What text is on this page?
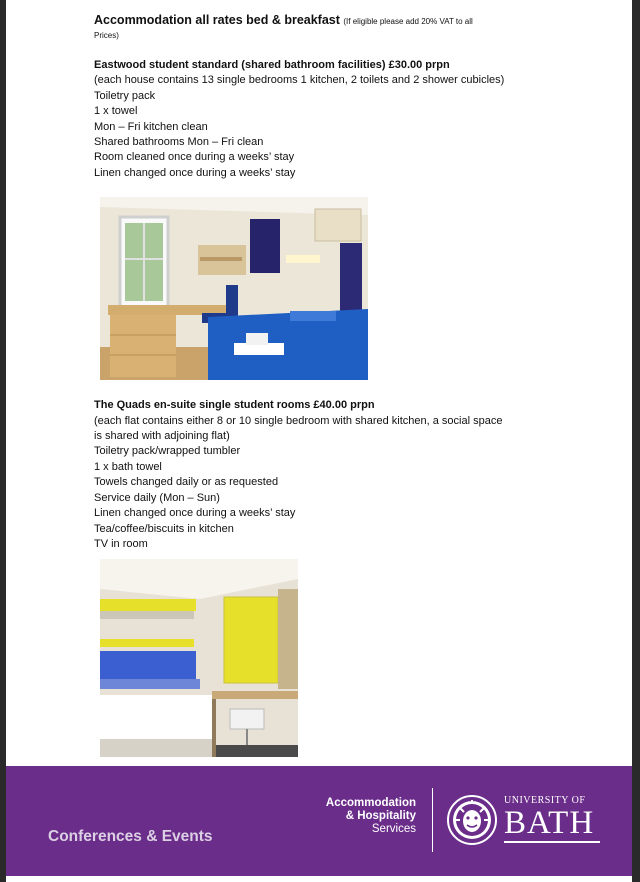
Accommodation all rates bed & breakfast (If eligible please add 20% VAT to all
Prices)
Eastwood student standard (shared bathroom facilities) £30.00 prpn
(each house contains 13 single bedrooms 1 kitchen, 2 toilets and 2 shower cubicles)
Toiletry pack
1 x towel
Mon – Fri kitchen clean
Shared bathrooms Mon – Fri clean
Room cleaned once during a weeks’ stay
Linen changed once during a weeks’ stay
The Quads en-suite single student rooms £40.00 prpn
(each flat contains either 8 or 10 single bedroom with shared kitchen, a social space
is shared with adjoining flat)
Toiletry pack/wrapped tumbler
1 x bath towel
Towels changed daily or as requested
Service daily (Mon – Sun)
Linen changed once during a weeks’ stay
Tea/coffee/biscuits in kitchen
TV in room
Conferences & Events
Accommodation
& Hospitality
Services
UNIVERSITY OF
BATH
